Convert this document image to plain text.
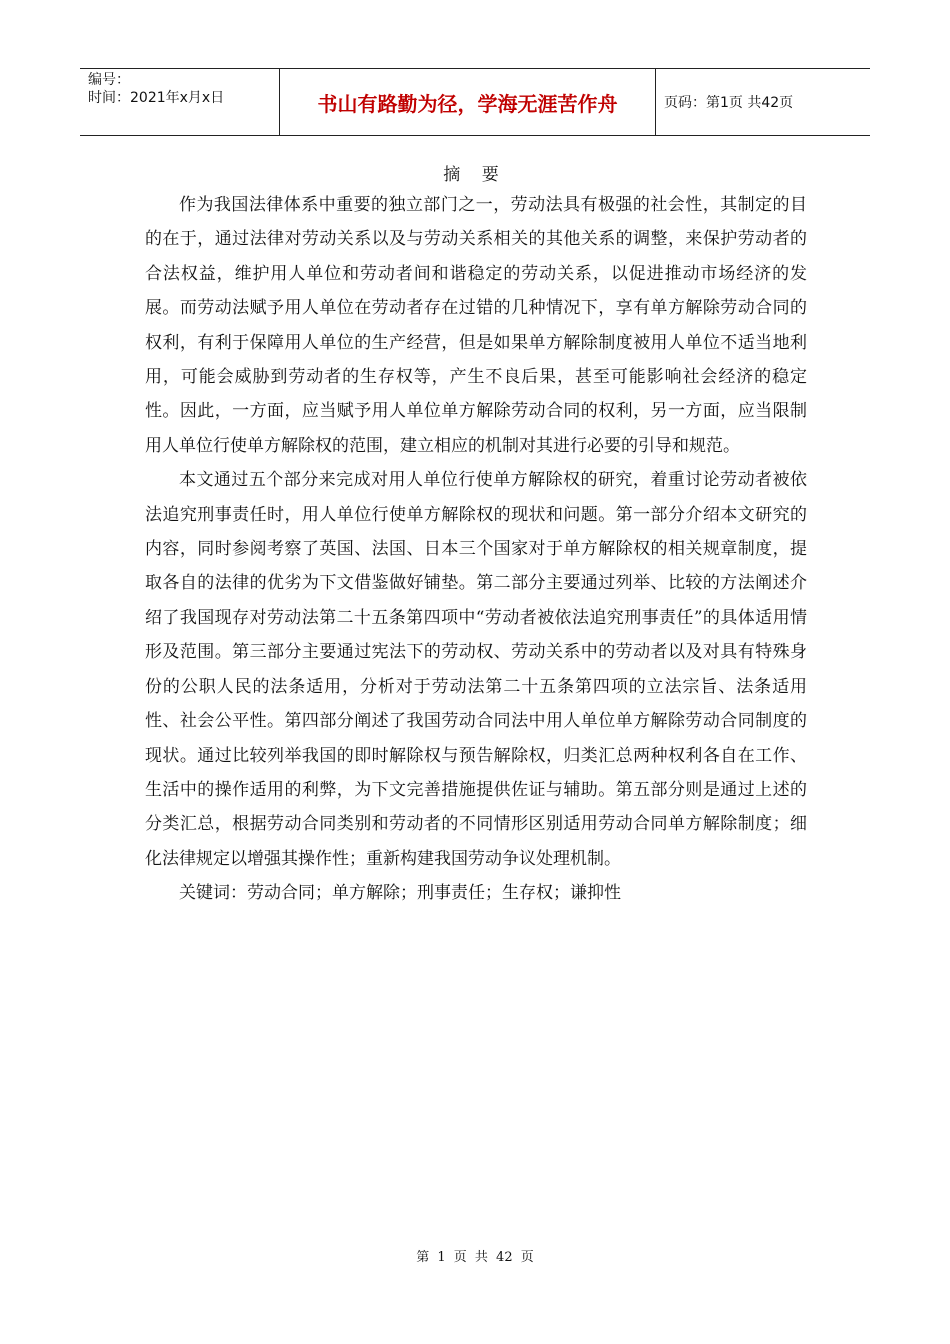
编号：
时间：2021年x月x日	书山有路勤为径，学海无涯苦作舟	页码：第1页 共42页
摘 要

作为我国法律体系中重要的独立部门之一，劳动法具有极强的社会性，其制定的目的在于，通过法律对劳动关系以及与劳动关系相关的其他关系的调整，来保护劳动者的合法权益，维护用人单位和劳动者间和谐稳定的劳动关系，以促进推动市场经济的发展。而劳动法赋予用人单位在劳动者存在过错的几种情况下，享有单方解除劳动合同的权利，有利于保障用人单位的生产经营，但是如果单方解除制度被用人单位不适当地利用，可能会威胁到劳动者的生存权等，产生不良后果，甚至可能影响社会经济的稳定性。因此，一方面，应当赋予用人单位单方解除劳动合同的权利，另一方面，应当限制用人单位行使单方解除权的范围，建立相应的机制对其进行必要的引导和规范。

本文通过五个部分来完成对用人单位行使单方解除权的研究，着重讨论劳动者被依法追究刑事责任时，用人单位行使单方解除权的现状和问题。第一部分介绍本文研究的内容，同时参阅考察了英国、法国、日本三个国家对于单方解除权的相关规章制度，提取各自的法律的优劣为下文借鉴做好铺垫。第二部分主要通过列举、比较的方法阐述介绍了我国现存对劳动法第二十五条第四项中“劳动者被依法追究刑事责任”的具体适用情形及范围。第三部分主要通过宪法下的劳动权、劳动关系中的劳动者以及对具有特殊身份的公职人民的法条适用，分析对于劳动法第二十五条第四项的立法宗旨、法条适用性、社会公平性。第四部分阐述了我国劳动合同法中用人单位单方解除劳动合同制度的现状。通过比较列举我国的即时解除权与预告解除权，归类汇总两种权利各自在工作、生活中的操作适用的利弊，为下文完善措施提供佐证与辅助。第五部分则是通过上述的分类汇总，根据劳动合同类别和劳动者的不同情形区别适用劳动合同单方解除制度；细化法律规定以增强其操作性；重新构建我国劳动争议处理机制。

关键词：劳动合同；单方解除；刑事责任；生存权；谦抑性

第 1 页 共 42 页
